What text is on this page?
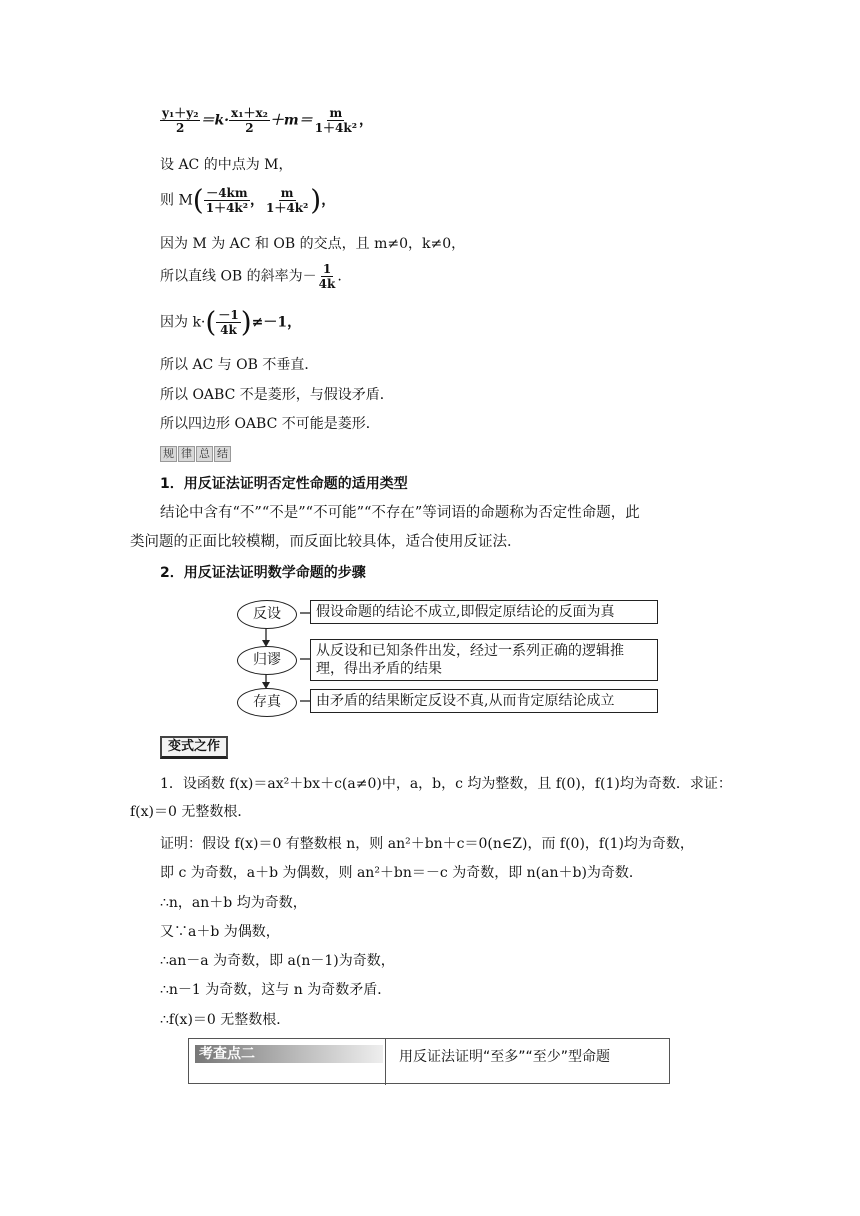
$\frac{\text{y₁＋y₂}}{2} =k\cdot \frac{\text{x₁＋x₂}}{2} +m= \frac{m}{\text{1＋4k²}}$ ，
设 AC 的中点为 M，
则 $M( \frac{-4km}{\text{1＋4k²}}$ ， $\frac{m}{\text{1＋4k²}}$ )，
因为 M 为 AC 和 OB 的交点，且 m≠0，k≠0，
所以直线 OB 的斜率为－ $\frac{1}{4k}$ .
因为 $k\cdot( \frac{-1}{4k} )\ne-1$，
所以 AC 与 OB 不垂直．
所以 OABC 不是菱形，与假设矛盾．
所以四边形 OABC 不可能是菱形．
规 律 总 结
1．用反证法证明否定性命题的适用类型
结论中含有“不”“不是”“不可能”“不存在”等词语的命题称为否定性命题，此
类问题的正面比较模糊，而反面比较具体，适合使用反证法．
2．用反证法证明数学命题的步骤
反设
归谬
存真
假设命题的结论不成立,即假定原结论的反面为真
从反设和已知条件出发，经过一系列正确的逻辑推
理，得出矛盾的结果
由矛盾的结果断定反设不真,从而肯定原结论成立
变式之作
1．设函数 f(x)＝ax²＋bx＋c(a≠0)中，a，b，c 均为整数，且 f(0)，f(1)均为奇数．求证：
f(x)＝0 无整数根．
证明：假设 f(x)＝0 有整数根 n，则 an²＋bn＋c＝0(n∈Z)，而 f(0)，f(1)均为奇数，
即 c 为奇数，a＋b 为偶数，则 an²＋bn＝－c 为奇数，即 n(an＋b)为奇数．
∴n，an＋b 均为奇数，
又∵a＋b 为偶数，
∴an－a 为奇数，即 a(n－1)为奇数，
∴n－1 为奇数，这与 n 为奇数矛盾．
∴f(x)＝0 无整数根．
考查点二	用反证法证明“至多”“至少”型命题
